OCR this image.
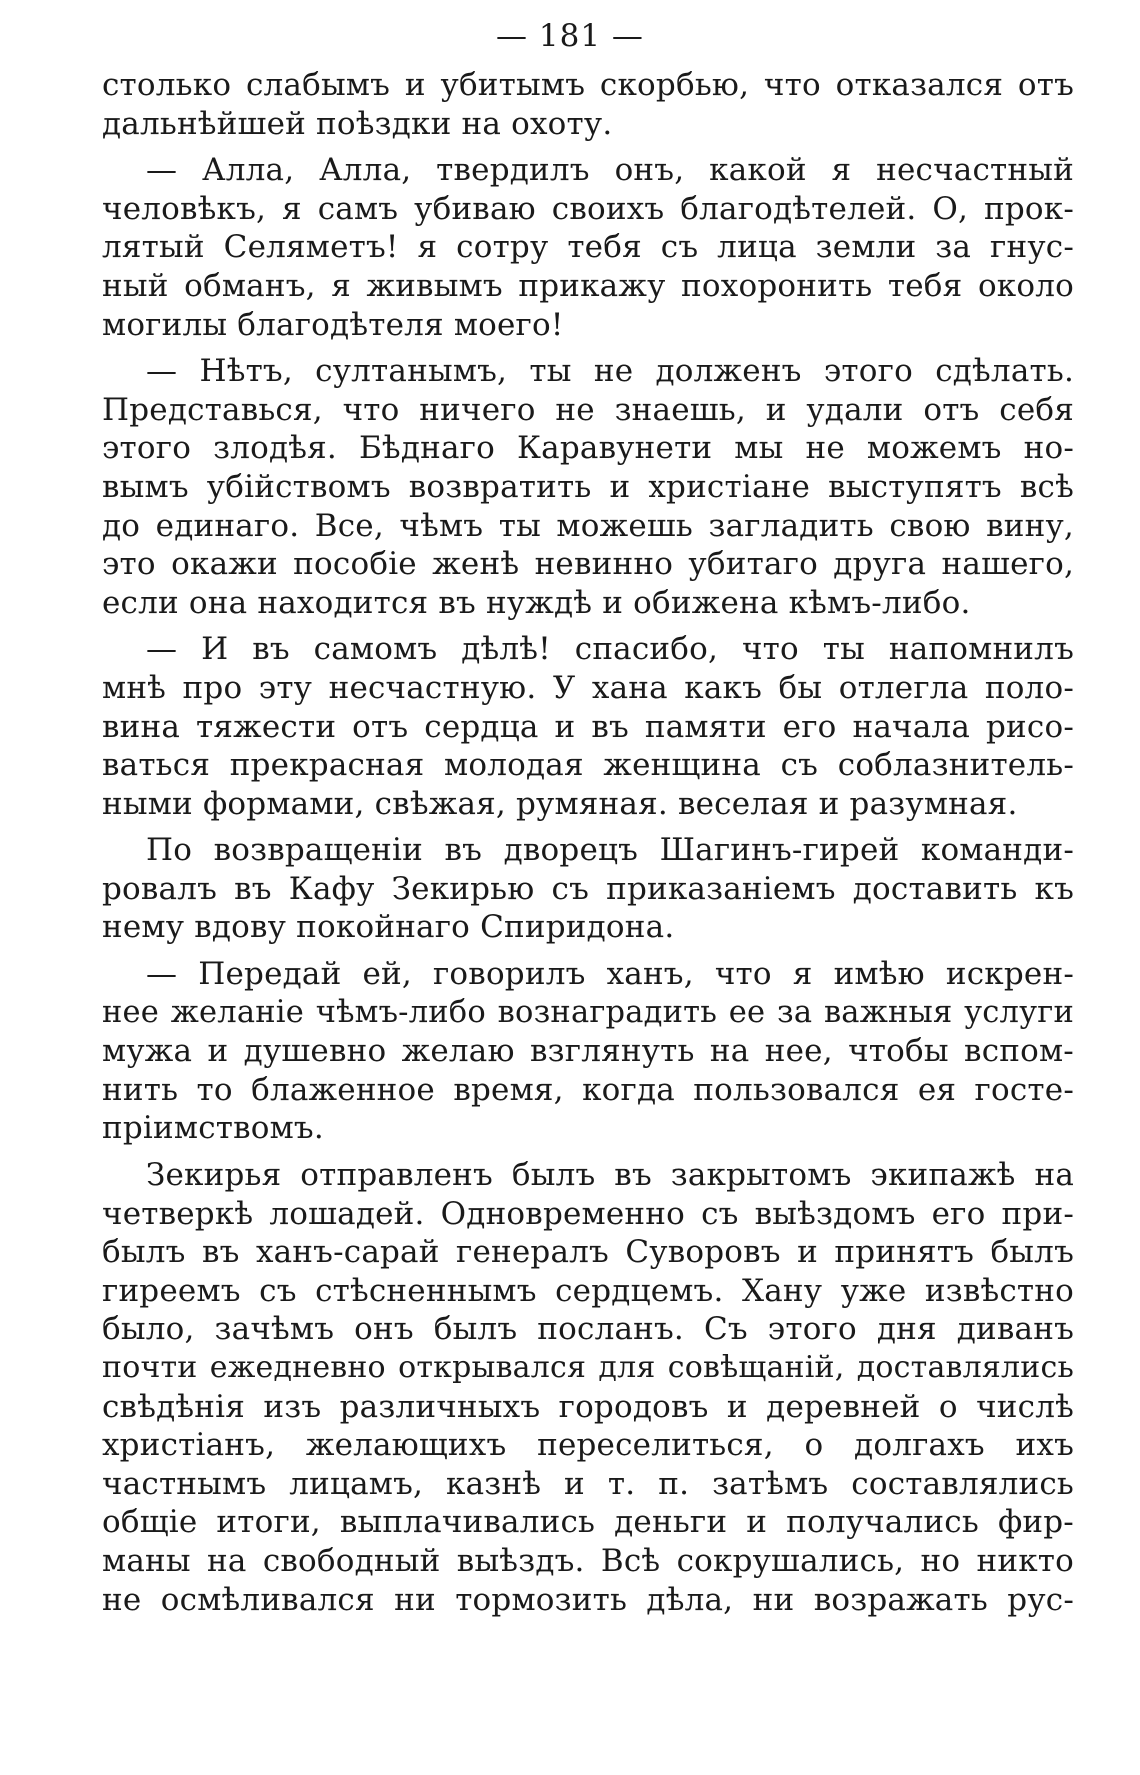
— 181 —
столько слабымъ и убитымъ скорбью, что отказался отъ
дальнѣйшей поѣздки на охоту.
— Алла, Алла, твердилъ онъ, какой я несчастный
человѣкъ, я самъ убиваю своихъ благодѣтелей. О, прок-
лятый Селяметъ! я сотру тебя съ лица земли за гнус-
ный обманъ, я живымъ прикажу похоронить тебя около
могилы благодѣтеля моего!
— Нѣтъ, султанымъ, ты не долженъ этого сдѣлать.
Представься, что ничего не знаешь, и удали отъ себя
этого злодѣя. Бѣднаго Каравунети мы не можемъ но-
вымъ убійствомъ возвратить и христіане выступятъ всѣ
до единаго. Все, чѣмъ ты можешь загладить свою вину,
это окажи пособіе женѣ невинно убитаго друга нашего,
если она находится въ нуждѣ и обижена кѣмъ-либо.
— И въ самомъ дѣлѣ! спасибо, что ты напомнилъ
мнѣ про эту несчастную. У хана какъ бы отлегла поло-
вина тяжести отъ сердца и въ памяти его начала рисо-
ваться прекрасная молодая женщина съ соблазнитель-
ными формами, свѣжая, румяная. веселая и разумная.
По возвращеніи въ дворецъ Шагинъ-гирей команди-
ровалъ въ Кафу Зекирью съ приказаніемъ доставить къ
нему вдову покойнаго Спиридона.
— Передай ей, говорилъ ханъ, что я имѣю искрен-
нее желаніе чѣмъ-либо вознаградить ее за важныя услуги
мужа и душевно желаю взглянуть на нее, чтобы вспом-
нить то блаженное время, когда пользовался ея госте-
пріимствомъ.
Зекирья отправленъ былъ въ закрытомъ экипажѣ на
четверкѣ лошадей. Одновременно съ выѣздомъ его при-
былъ въ ханъ-сарай генералъ Суворовъ и принятъ былъ
гиреемъ съ стѣсненнымъ сердцемъ. Хану уже извѣстно
было, зачѣмъ онъ былъ посланъ. Съ этого дня диванъ
почти ежедневно открывался для совѣщаній, доставлялись
свѣдѣнія изъ различныхъ городовъ и деревней о числѣ
христіанъ, желающихъ переселиться, о долгахъ ихъ
частнымъ лицамъ, казнѣ и т. п. затѣмъ составлялись
общіе итоги, выплачивались деньги и получались фир-
маны на свободный выѣздъ. Всѣ сокрушались, но никто
не осмѣливался ни тормозить дѣла, ни возражать рус-
